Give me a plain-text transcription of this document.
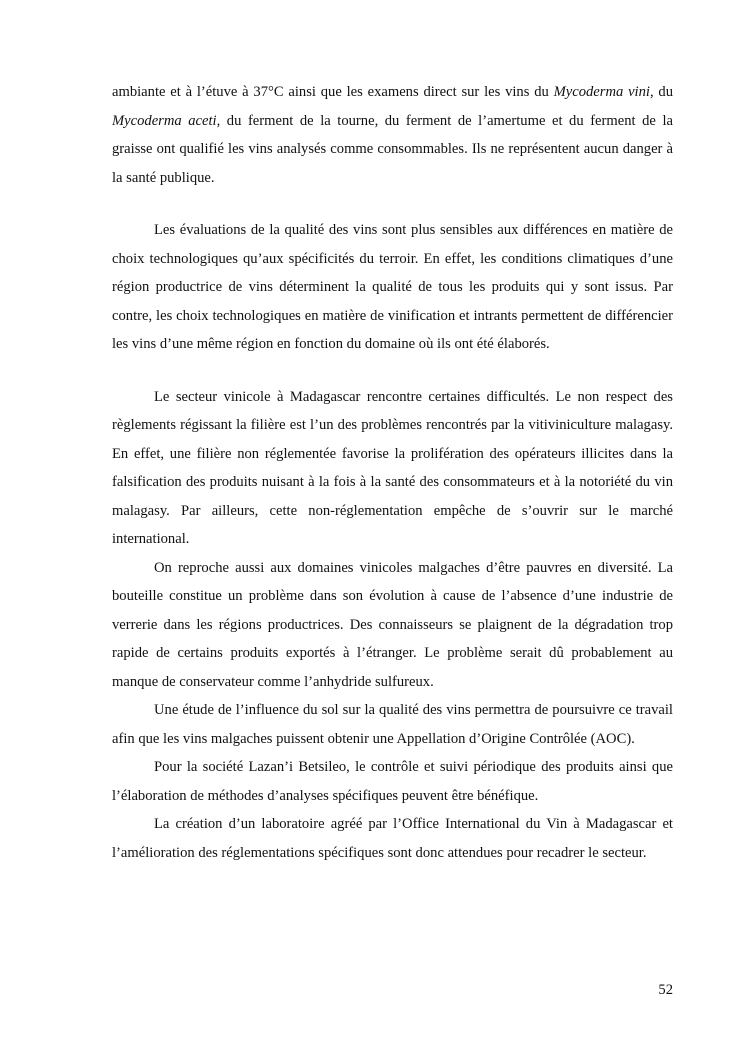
ambiante et à l’étuve à 37°C ainsi que les examens direct sur les vins du Mycoderma vini, du Mycoderma aceti, du ferment de la tourne, du ferment de l’amertume et du ferment de la graisse ont qualifié les vins analysés comme consommables. Ils ne représentent aucun danger à la santé publique.

Les évaluations de la qualité des vins sont plus sensibles aux différences en matière de choix technologiques qu’aux spécificités du terroir. En effet, les conditions climatiques d’une région productrice de vins déterminent la qualité de tous les produits qui y sont issus. Par contre, les choix technologiques en matière de vinification et intrants permettent de différencier les vins d’une même région en fonction du domaine où ils ont été élaborés.

Le secteur vinicole à Madagascar rencontre certaines difficultés. Le non respect des règlements régissant la filière est l’un des problèmes rencontrés par la vitiviniculture malagasy. En effet, une filière non réglementée favorise la prolifération des opérateurs illicites dans la falsification des produits nuisant à la fois à la santé des consommateurs et à la notoriété du vin malagasy. Par ailleurs, cette non-réglementation empêche de s’ouvrir sur le marché international.

On reproche aussi aux domaines vinicoles malgaches d’être pauvres en diversité. La bouteille constitue un problème dans son évolution à cause de l’absence d’une industrie de verrerie dans les régions productrices. Des connaisseurs se plaignent de la dégradation trop rapide de certains produits exportés à l’étranger. Le problème serait dû probablement au manque de conservateur comme l’anhydride sulfureux.

Une étude de l’influence du sol sur la qualité des vins permettra de poursuivre ce travail afin que les vins malgaches puissent obtenir une Appellation d’Origine Contrôlée (AOC).

Pour la société Lazan’i Betsileo, le contrôle et suivi périodique des produits ainsi que l’élaboration de méthodes d’analyses spécifiques peuvent être bénéfique.

La création d’un laboratoire agréé par l’Office International du Vin à Madagascar et l’amélioration des réglementations spécifiques sont donc attendues pour recadrer le secteur.

52
